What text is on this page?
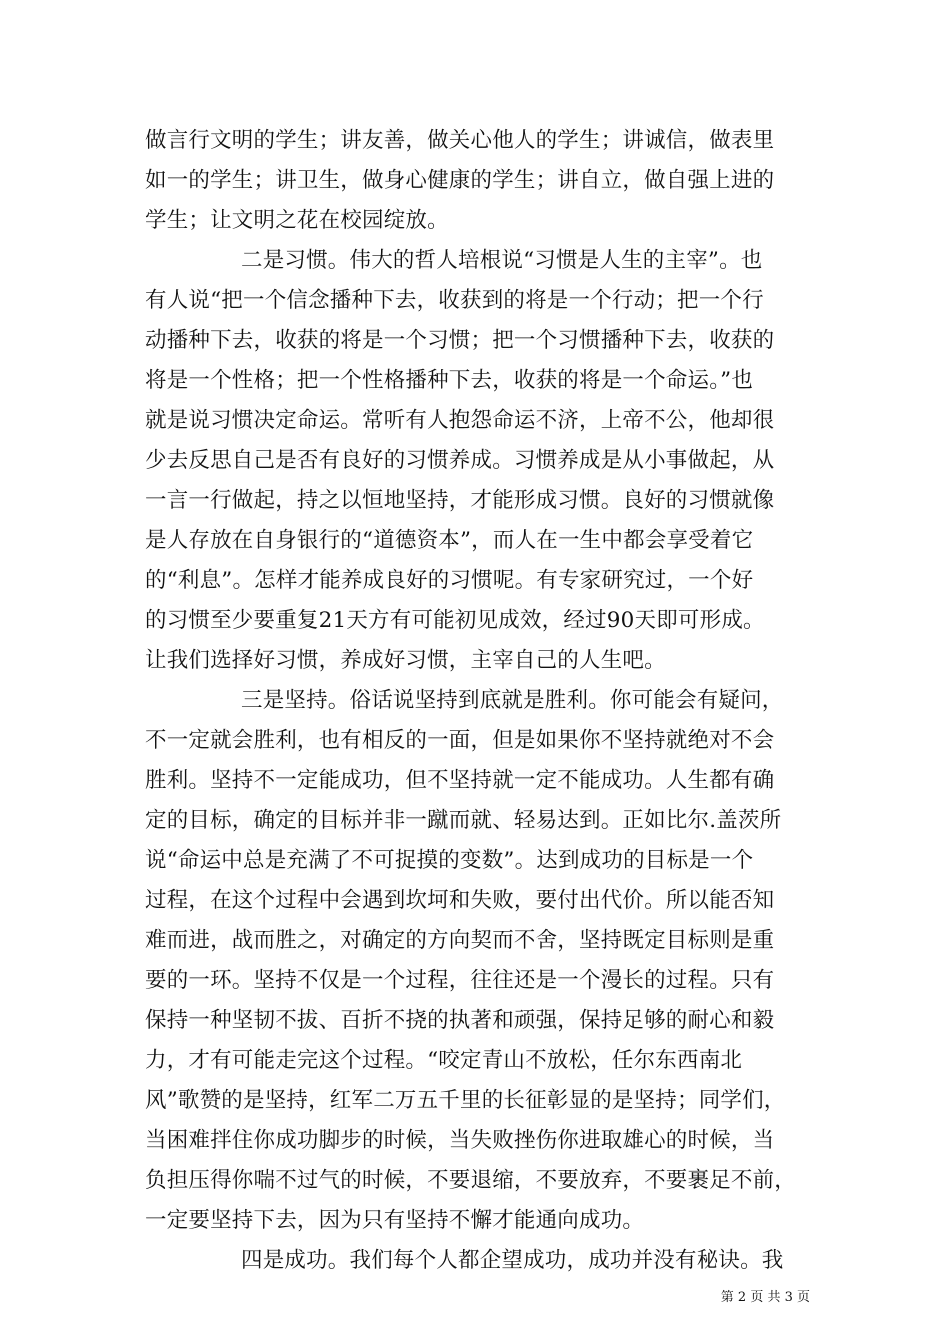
做言行文明的学生；讲友善，做关心他人的学生；讲诚信，做表里
如一的学生；讲卫生，做身心健康的学生；讲自立，做自强上进的
学生；让文明之花在校园绽放。
二是习惯。伟大的哲人培根说“习惯是人生的主宰”。也
有人说“把一个信念播种下去，收获到的将是一个行动；把一个行
动播种下去，收获的将是一个习惯；把一个习惯播种下去，收获的
将是一个性格；把一个性格播种下去，收获的将是一个命运。”也
就是说习惯决定命运。常听有人抱怨命运不济，上帝不公，他却很
少去反思自己是否有良好的习惯养成。习惯养成是从小事做起，从
一言一行做起，持之以恒地坚持，才能形成习惯。良好的习惯就像
是人存放在自身银行的“道德资本”，而人在一生中都会享受着它
的“利息”。怎样才能养成良好的习惯呢。有专家研究过，一个好
的习惯至少要重复21天方有可能初见成效，经过90天即可形成。
让我们选择好习惯，养成好习惯，主宰自己的人生吧。
三是坚持。俗话说坚持到底就是胜利。你可能会有疑问，
不一定就会胜利，也有相反的一面，但是如果你不坚持就绝对不会
胜利。坚持不一定能成功，但不坚持就一定不能成功。人生都有确
定的目标，确定的目标并非一蹴而就、轻易达到。正如比尔.盖茨所
说“命运中总是充满了不可捉摸的变数”。达到成功的目标是一个
过程，在这个过程中会遇到坎坷和失败，要付出代价。所以能否知
难而进，战而胜之，对确定的方向契而不舍，坚持既定目标则是重
要的一环。坚持不仅是一个过程，往往还是一个漫长的过程。只有
保持一种坚韧不拔、百折不挠的执著和顽强，保持足够的耐心和毅
力，才有可能走完这个过程。“咬定青山不放松，任尔东西南北
风”歌赞的是坚持，红军二万五千里的长征彰显的是坚持；同学们，
当困难拌住你成功脚步的时候，当失败挫伤你进取雄心的时候，当
负担压得你喘不过气的时候，不要退缩，不要放弃，不要裹足不前，
一定要坚持下去，因为只有坚持不懈才能通向成功。
四是成功。我们每个人都企望成功，成功并没有秘诀。我
第 2 页 共 3 页
